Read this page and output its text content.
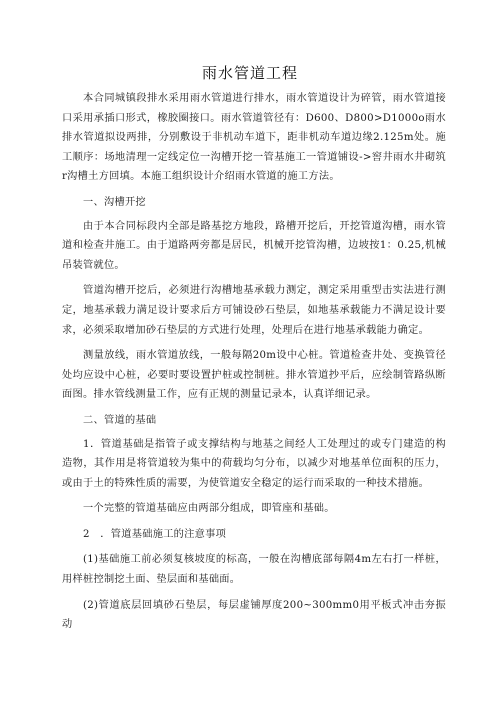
雨水管道工程

本合同城镇段排水采用雨水管道进行排水，雨水管道设计为碎管，雨水管道接口采用承插口形式，橡胶圈接口。雨水管道管径有：D600、D800>D1000o雨水排水管道拟设两排，分别敷设于非机动车道下，距非机动车道边缘2.125m处。施工顺序：场地清理一定线定位一沟槽开挖一管基施工一管道铺设->窖井雨水井砌筑r沟槽土方回填。本施工组织设计介绍雨水管道的施工方法。

一、沟槽开挖

由于本合同标段内全部是路基挖方地段，路槽开挖后，开挖管道沟槽，雨水管道和检查井施工。由于道路两旁都是居民，机械开挖管沟槽，边坡按1：0.25,机械吊装管就位。

管道沟槽开挖后，必须进行沟槽地基承载力测定，测定采用重型击实法进行测定，地基承载力满足设计要求后方可铺设砂石垫层，如地基承载能力不满足设计要求，必须采取增加砂石垫层的方式进行处理，处理后在进行地基承载能力确定。

测量放线，雨水管道放线，一般每隔20m设中心桩。管道检查井处、变换管径处均应设中心桩，必要时要设置护桩或控制桩。排水管道抄平后，应绘制管路纵断面图。排水管线测量工作，应有正规的测量记录本，认真详细记录。

二、管道的基础

1．管道基础是指管子或支撑结构与地基之间经人工处理过的或专门建造的构造物，其作用是将管道较为集中的荷载均匀分布，以减少对地基单位面积的压力，或由于土的特殊性质的需要，为使管道安全稳定的运行而采取的一种技术措施。

一个完整的管道基础应由两部分组成，即管座和基础。

2　．管道基础施工的注意事项

(1)基础施工前必须复核坡度的标高，一般在沟槽底部每隔4m左右打一样桩，用样桩控制挖土面、垫层面和基础面。

(2)管道底层回填砂石垫层，每层虚铺厚度200~300mm0用平板式冲击夯振动
